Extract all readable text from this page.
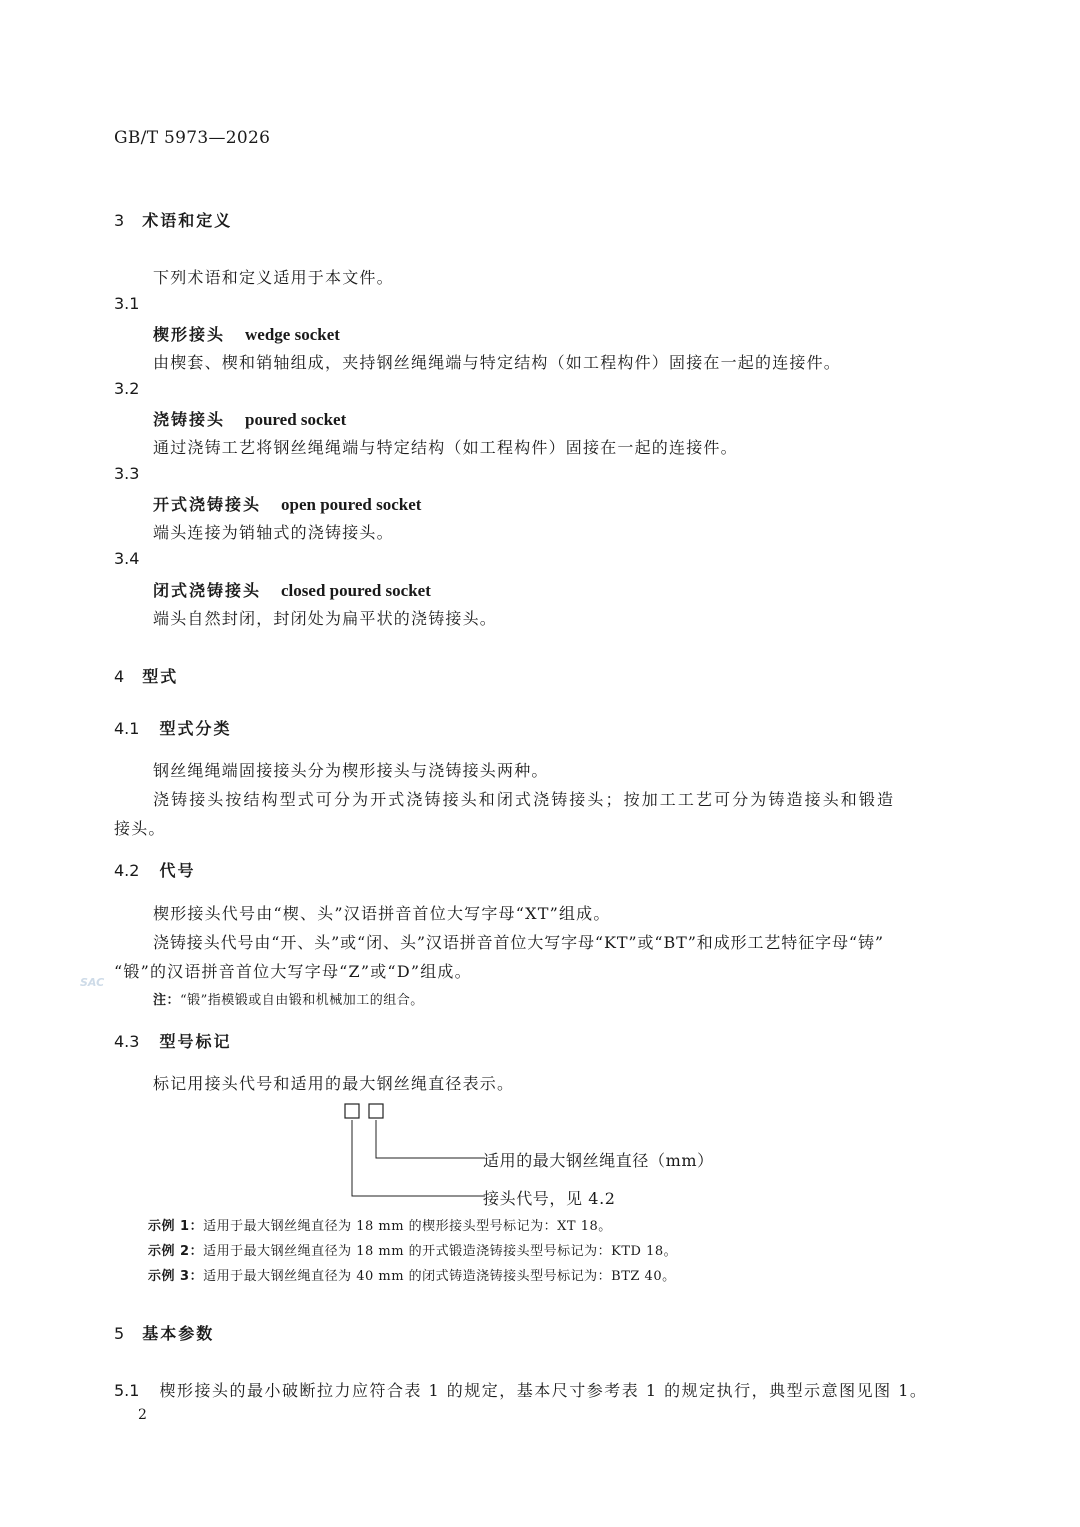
GB/T 5973—2026
3 术语和定义
下列术语和定义适用于本文件。
3.1
楔形接头 wedge socket
由楔套、楔和销轴组成，夹持钢丝绳绳端与特定结构（如工程构件）固接在一起的连接件。
3.2
浇铸接头 poured socket
通过浇铸工艺将钢丝绳绳端与特定结构（如工程构件）固接在一起的连接件。
3.3
开式浇铸接头 open poured socket
端头连接为销轴式的浇铸接头。
3.4
闭式浇铸接头 closed poured socket
端头自然封闭，封闭处为扁平状的浇铸接头。
4 型式
4.1 型式分类
钢丝绳绳端固接接头分为楔形接头与浇铸接头两种。
浇铸接头按结构型式可分为开式浇铸接头和闭式浇铸接头；按加工工艺可分为铸造接头和锻造
接头。
4.2 代号
楔形接头代号由“楔、头”汉语拼音首位大写字母“XT”组成。
浇铸接头代号由“开、头”或“闭、头”汉语拼音首位大写字母“KT”或“BT”和成形工艺特征字母“铸”
“锻”的汉语拼音首位大写字母“Z”或“D”组成。
注：“锻”指模锻或自由锻和机械加工的组合。
4.3 型号标记
标记用接头代号和适用的最大钢丝绳直径表示。
适用的最大钢丝绳直径（mm）
接头代号，见 4.2
示例 1：适用于最大钢丝绳直径为 18 mm 的楔形接头型号标记为：XT 18。
示例 2：适用于最大钢丝绳直径为 18 mm 的开式锻造浇铸接头型号标记为：KTD 18。
示例 3：适用于最大钢丝绳直径为 40 mm 的闭式铸造浇铸接头型号标记为：BTZ 40。
5 基本参数
5.1 楔形接头的最小破断拉力应符合表 1 的规定，基本尺寸参考表 1 的规定执行，典型示意图见图 1。
SAC
2
